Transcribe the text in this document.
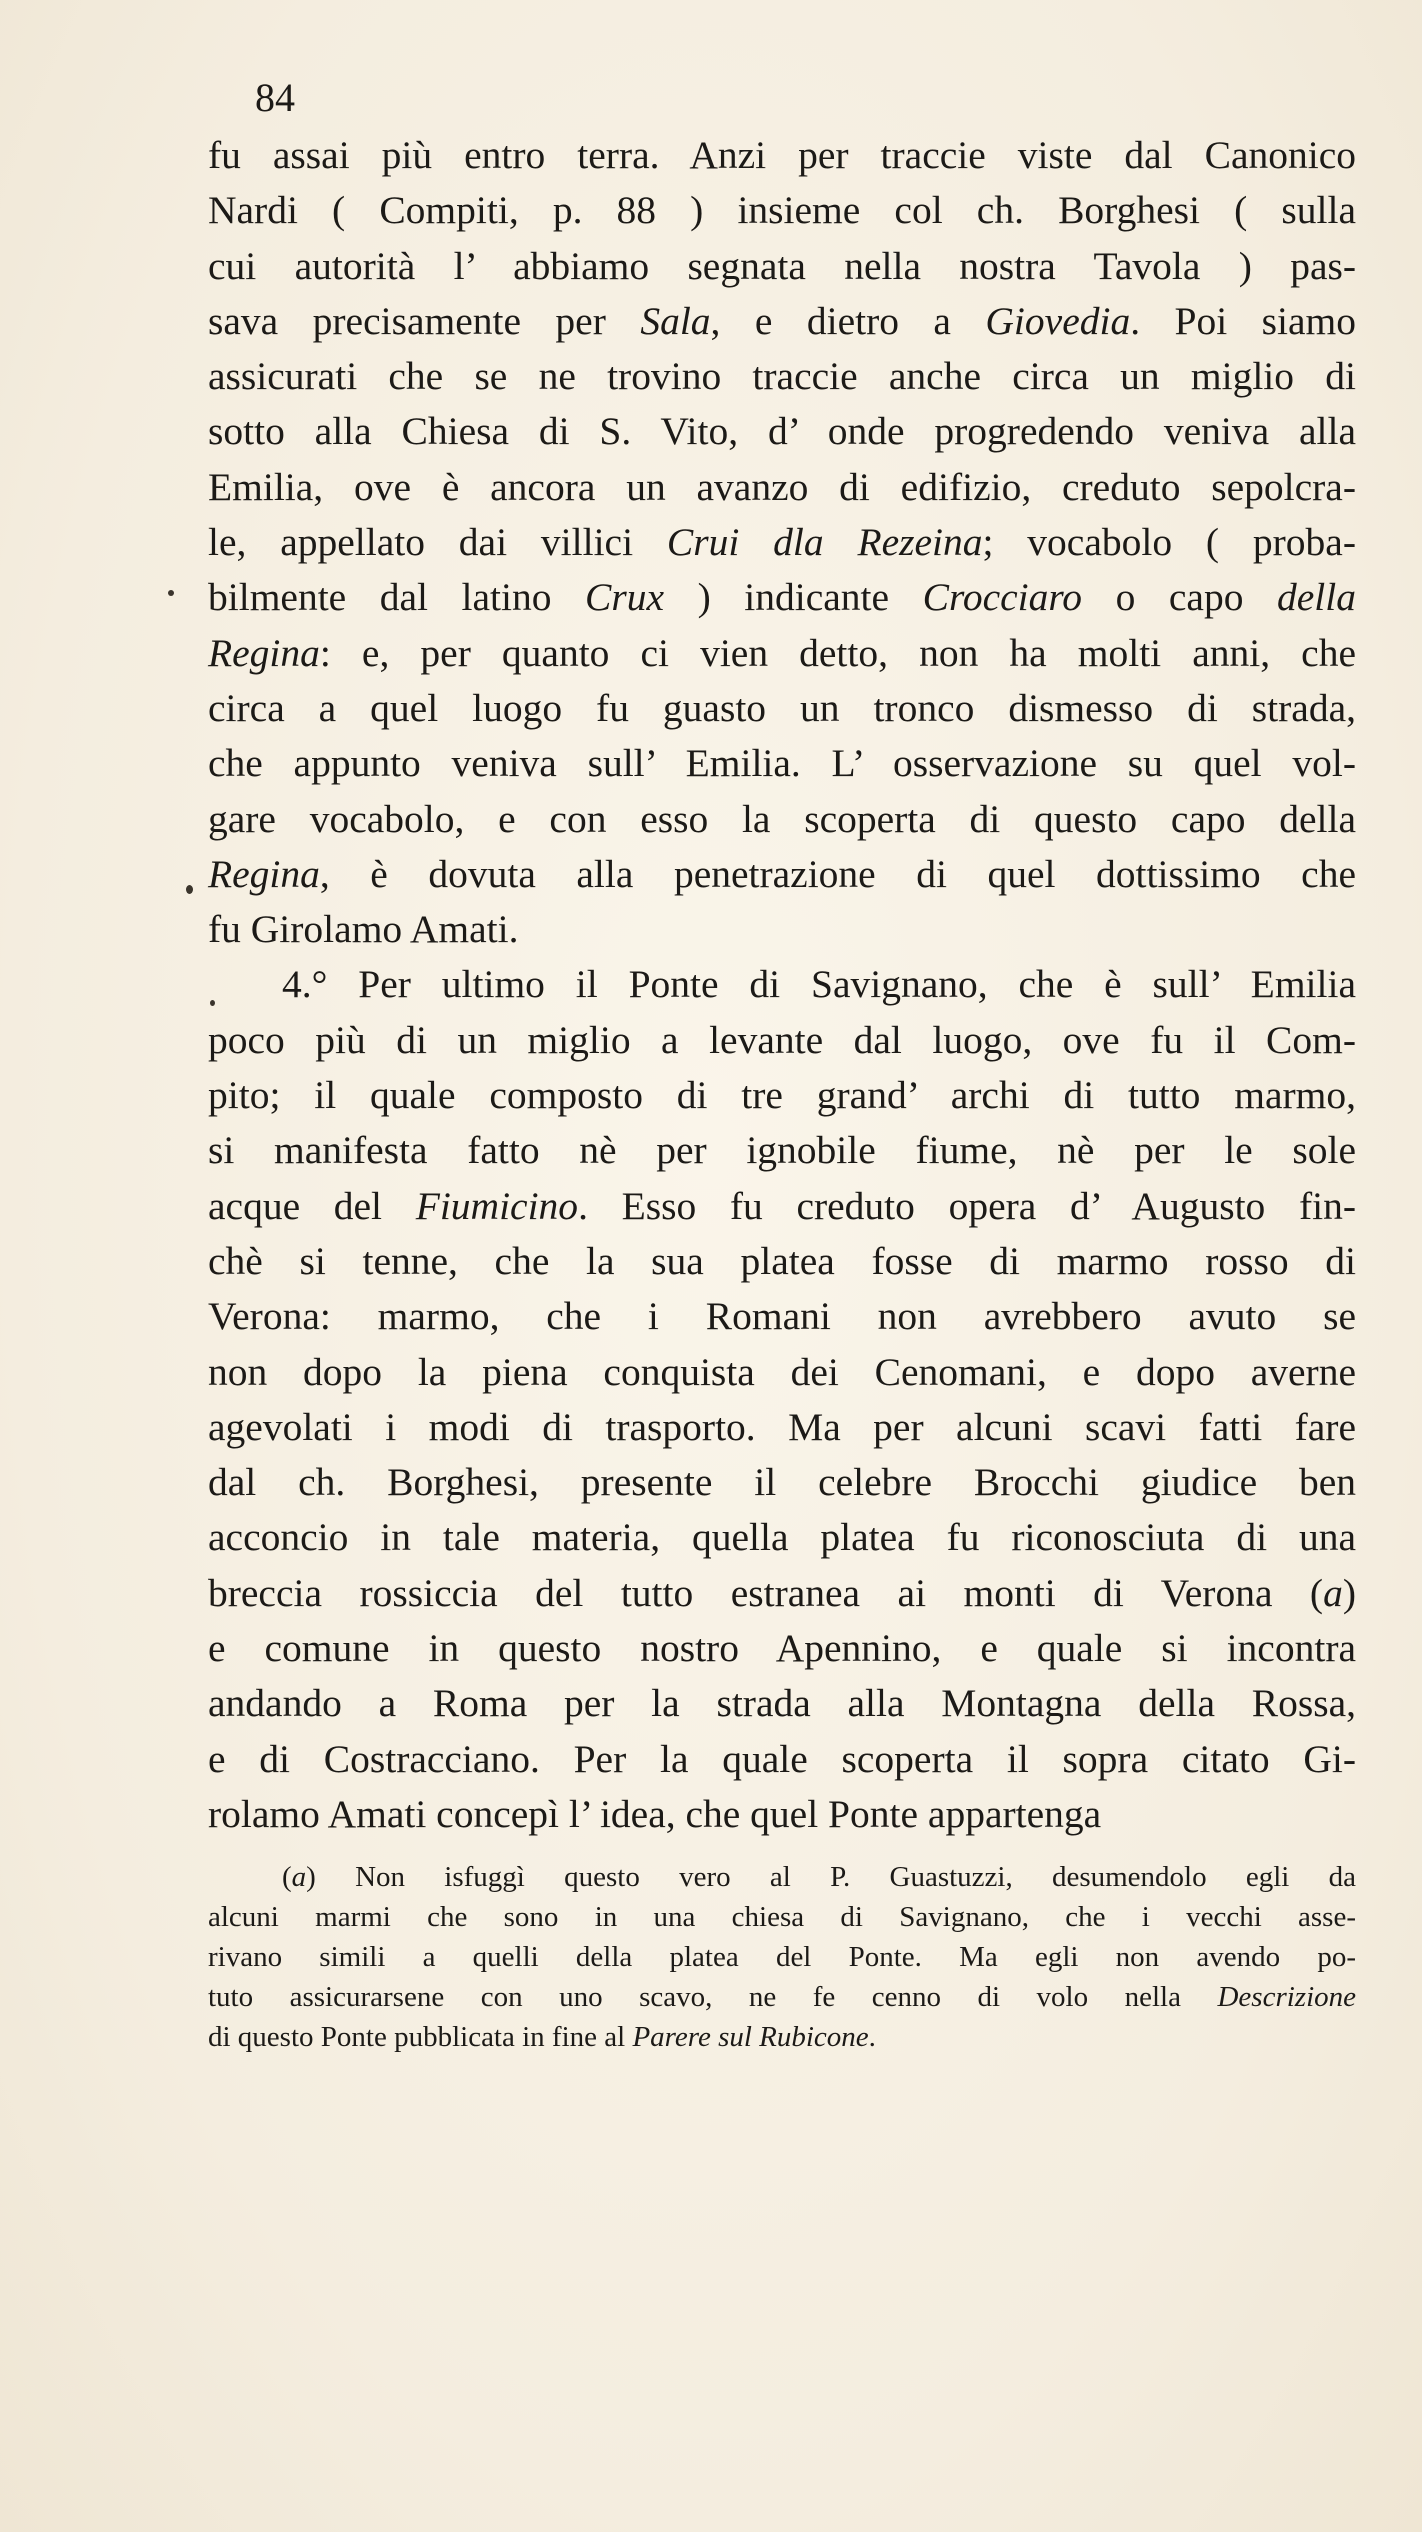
84
fu assai più entro terra. Anzi per traccie viste dal Canonico
Nardi ( Compiti, p. 88 ) insieme col ch. Borghesi ( sulla
cui autorità l’ abbiamo segnata nella nostra Tavola ) pas-
sava precisamente per Sala, e dietro a Giovedia. Poi siamo
assicurati che se ne trovino traccie anche circa un miglio di
sotto alla Chiesa di S. Vito, d’ onde progredendo veniva alla
Emilia, ove è ancora un avanzo di edifizio, creduto sepolcra-
le, appellato dai villici Crui dla Rezeina; vocabolo ( proba-
bilmente dal latino Crux ) indicante Crocciaro o capo della
Regina: e, per quanto ci vien detto, non ha molti anni, che
circa a quel luogo fu guasto un tronco dismesso di strada,
che appunto veniva sull’ Emilia. L’ osservazione su quel vol-
gare vocabolo, e con esso la scoperta di questo capo della
Regina, è dovuta alla penetrazione di quel dottissimo che
fu Girolamo Amati.
4.° Per ultimo il Ponte di Savignano, che è sull’ Emilia
poco più di un miglio a levante dal luogo, ove fu il Com-
pito; il quale composto di tre grand’ archi di tutto marmo,
si manifesta fatto nè per ignobile fiume, nè per le sole
acque del Fiumicino. Esso fu creduto opera d’ Augusto fin-
chè si tenne, che la sua platea fosse di marmo rosso di
Verona: marmo, che i Romani non avrebbero avuto se
non dopo la piena conquista dei Cenomani, e dopo averne
agevolati i modi di trasporto. Ma per alcuni scavi fatti fare
dal ch. Borghesi, presente il celebre Brocchi giudice ben
acconcio in tale materia, quella platea fu riconosciuta di una
breccia rossiccia del tutto estranea ai monti di Verona (a)
e comune in questo nostro Apennino, e quale si incontra
andando a Roma per la strada alla Montagna della Rossa,
e di Costracciano. Per la quale scoperta il sopra citato Gi-
rolamo Amati concepì l’ idea, che quel Ponte appartenga
(a) Non isfuggì questo vero al P. Guastuzzi, desumendolo egli da
alcuni marmi che sono in una chiesa di Savignano, che i vecchi asse-
rivano simili a quelli della platea del Ponte. Ma egli non avendo po-
tuto assicurarsene con uno scavo, ne fe cenno di volo nella Descrizione
di questo Ponte pubblicata in fine al Parere sul Rubicone.
